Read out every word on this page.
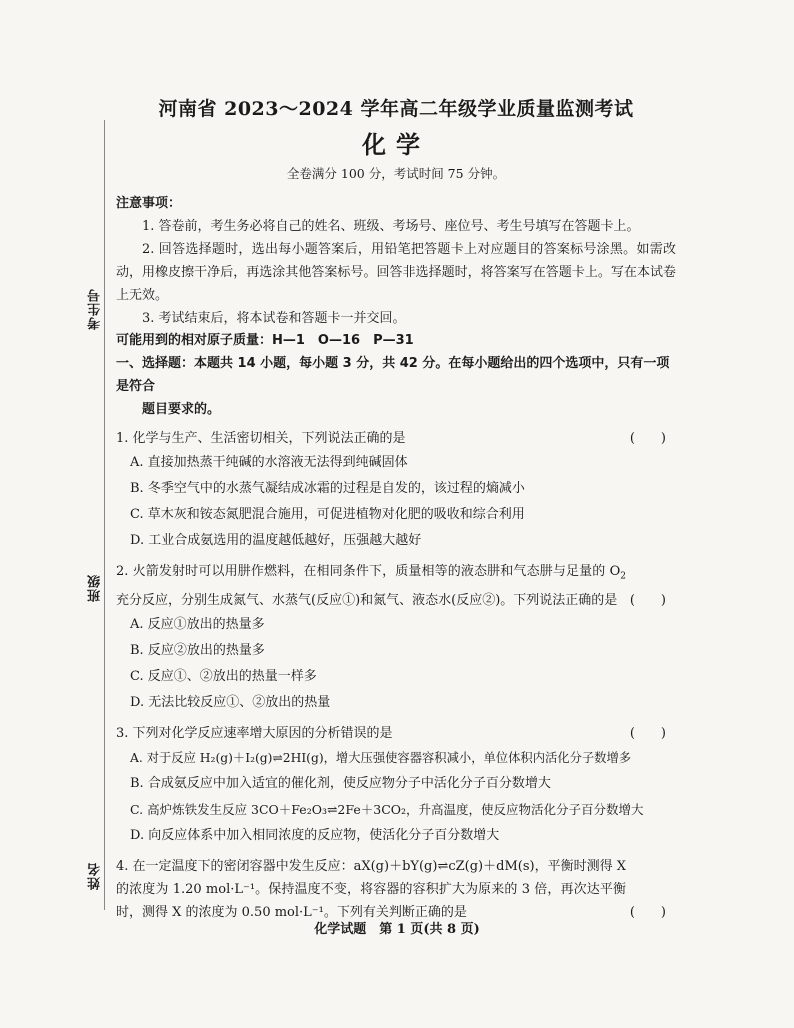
考生号
班级
姓名
河南省 2023～2024 学年高二年级学业质量监测考试
化学
全卷满分 100 分，考试时间 75 分钟。
注意事项：

1. 答卷前，考生务必将自己的姓名、班级、考场号、座位号、考生号填写在答题卡上。

2. 回答选择题时，选出每小题答案后，用铅笔把答题卡上对应题目的答案标号涂黑。如需改动，用橡皮擦干净后，再选涂其他答案标号。回答非选择题时，将答案写在答题卡上。写在本试卷上无效。

3. 考试结束后，将本试卷和答题卡一并交回。

可能用到的相对原子质量：H—1　O—16　P—31
一、选择题：本题共 14 小题，每小题 3 分，共 42 分。在每小题给出的四个选项中，只有一项是符合
题目要求的。
1. 化学与生产、生活密切相关，下列说法正确的是	(　　)
A. 直接加热蒸干纯碱的水溶液无法得到纯碱固体
B. 冬季空气中的水蒸气凝结成冰霜的过程是自发的，该过程的熵减小
C. 草木灰和铵态氮肥混合施用，可促进植物对化肥的吸收和综合利用
D. 工业合成氨选用的温度越低越好，压强越大越好
2. 火箭发射时可以用肼作燃料，在相同条件下，质量相等的液态肼和气态肼与足量的 $O_2$ 充分反应，分别生成氮气、水蒸气(反应①)和氮气、液态水(反应②)。下列说法正确的是 (　　)
A. 反应①放出的热量多
B. 反应②放出的热量多
C. 反应①、②放出的热量一样多
D. 无法比较反应①、②放出的热量
3. 下列对化学反应速率增大原因的分析错误的是	(　　)
A. 对于反应 H₂(g)＋I₂(g)⇌2HI(g)，增大压强使容器容积减小，单位体积内活化分子数增多
B. 合成氨反应中加入适宜的催化剂，使反应物分子中活化分子百分数增大
C. 高炉炼铁发生反应 3CO＋Fe₂O₃⇌2Fe＋3CO₂，升高温度，使反应物活化分子百分数增大
D. 向反应体系中加入相同浓度的反应物，使活化分子百分数增大
4. 在一定温度下的密闭容器中发生反应：aX(g)＋bY(g)⇌cZ(g)＋dM(s)，平衡时测得 X 的浓度为 1.20 mol·L⁻¹。保持温度不变，将容器的容积扩大为原来的 3 倍，再次达平衡时，测得 X 的浓度为 0.50 mol·L⁻¹。下列有关判断正确的是	(　　)
化学试题　第 1 页(共 8 页)
